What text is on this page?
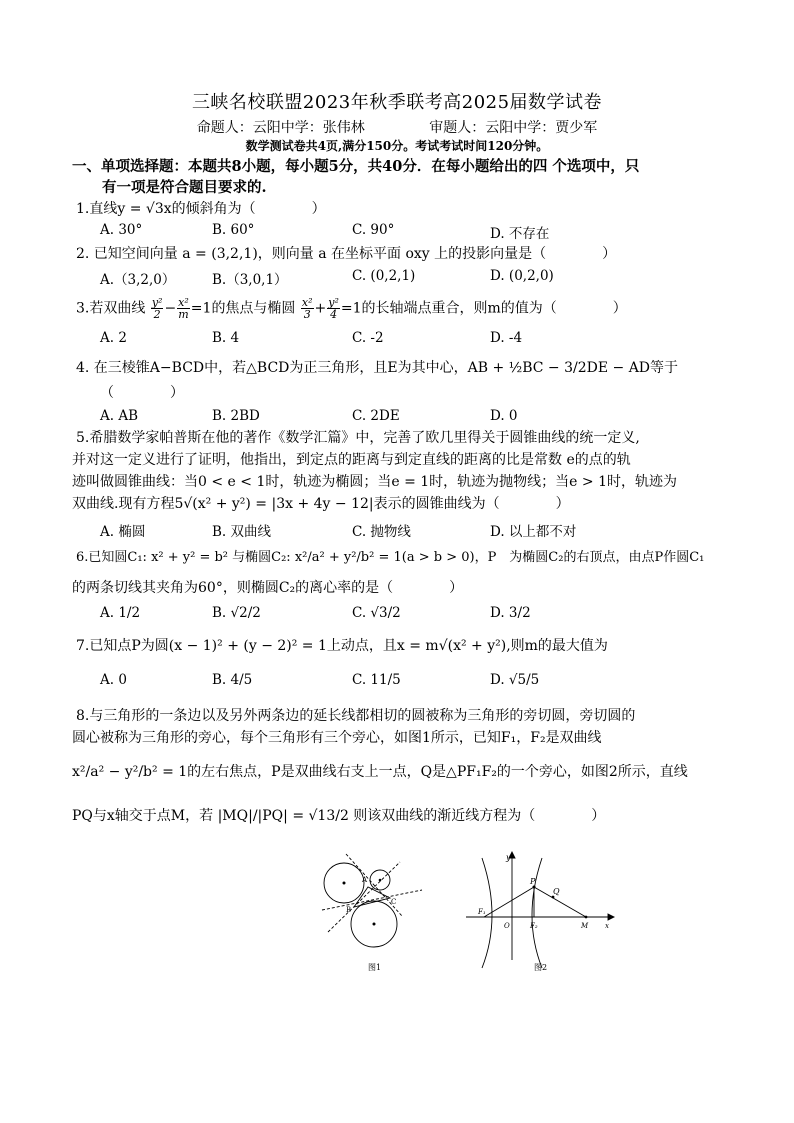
三峡名校联盟2023年秋季联考高2025届数学试卷
命题人：云阳中学：张伟林	审题人：云阳中学：贾少军
数学测试卷共4页,满分150分。考试考试时间120分钟。
一、单项选择题：本题共8小题，每小题5分，共40分．在每小题给出的四 个选项中，只
有一项是符合题目要求的.
1.直线y = √3x的倾斜角为（　　　　）
A. 30°	B. 60°	C. 90°	D. 不存在
2. 已知空间向量 a = (3,2,1)，则向量 a 在坐标平面 oxy 上的投影向量是（　　　　）
A.（3,2,0）	B.（3,0,1）	C. (0,2,1)	D. (0,2,0)
3.若双曲线 $\frac{\text{y²}}{2} - \frac{\text{x²}}{m} =1$的焦点与椭圆 $\frac{\text{x²}}{3} + \frac{\text{y²}}{4} =1$的长轴端点重合，则m的值为（　　　　）
A. 2	B. 4	C. -2	D. -4
4. 在三棱锥A−BCD中，若△BCD为正三角形，且E为其中心，AB + ½BC − 3/2DE − AD等于
（　　　　）
A. AB	B. 2BD	C. 2DE	D. 0
5.希腊数学家帕普斯在他的著作《数学汇篇》中，完善了欧几里得关于圆锥曲线的统一定义,
并对这一定义进行了证明，他指出，到定点的距离与到定直线的距离的比是常数 e的点的轨
迹叫做圆锥曲线：当0 < e < 1时，轨迹为椭圆；当e = 1时，轨迹为抛物线；当e > 1时，轨迹为
双曲线.现有方程5√(x² + y²) = |3x + 4y − 12|表示的圆锥曲线为（　　　　）
A. 椭圆	B. 双曲线	C. 抛物线	D. 以上都不对
6.已知圆C₁: x² + y² = b² 与椭圆C₂: x²/a² + y²/b² = 1(a > b > 0)，P　为椭圆C₂的右顶点，由点P作圆C₁
的两条切线其夹角为60°，则椭圆C₂的离心率的是（　　　　）
A. 1/2	B. √2/2	C. √3/2	D. 3/2
7.已知点P为圆(x − 1)² + (y − 2)² = 1上动点，且x = m√(x² + y²),则m的最大值为
A. 0	B. 4/5	C. 11/5	D. √5/5
8.与三角形的一条边以及另外两条边的延长线都相切的圆被称为三角形的旁切圆，旁切圆的
圆心被称为三角形的旁心，每个三角形有三个旁心，如图1所示，已知F₁，F₂是双曲线
x²/a² − y²/b² = 1的左右焦点，P是双曲线右支上一点，Q是△PF₁F₂的一个旁心，如图2所示，直线
PQ与x轴交于点M，若 |MQ|/|PQ| = √13/2 则该双曲线的渐近线方程为（　　　　）
A
B
C
图1
y
P
Q
F₁
O	F₂	M x
图2
